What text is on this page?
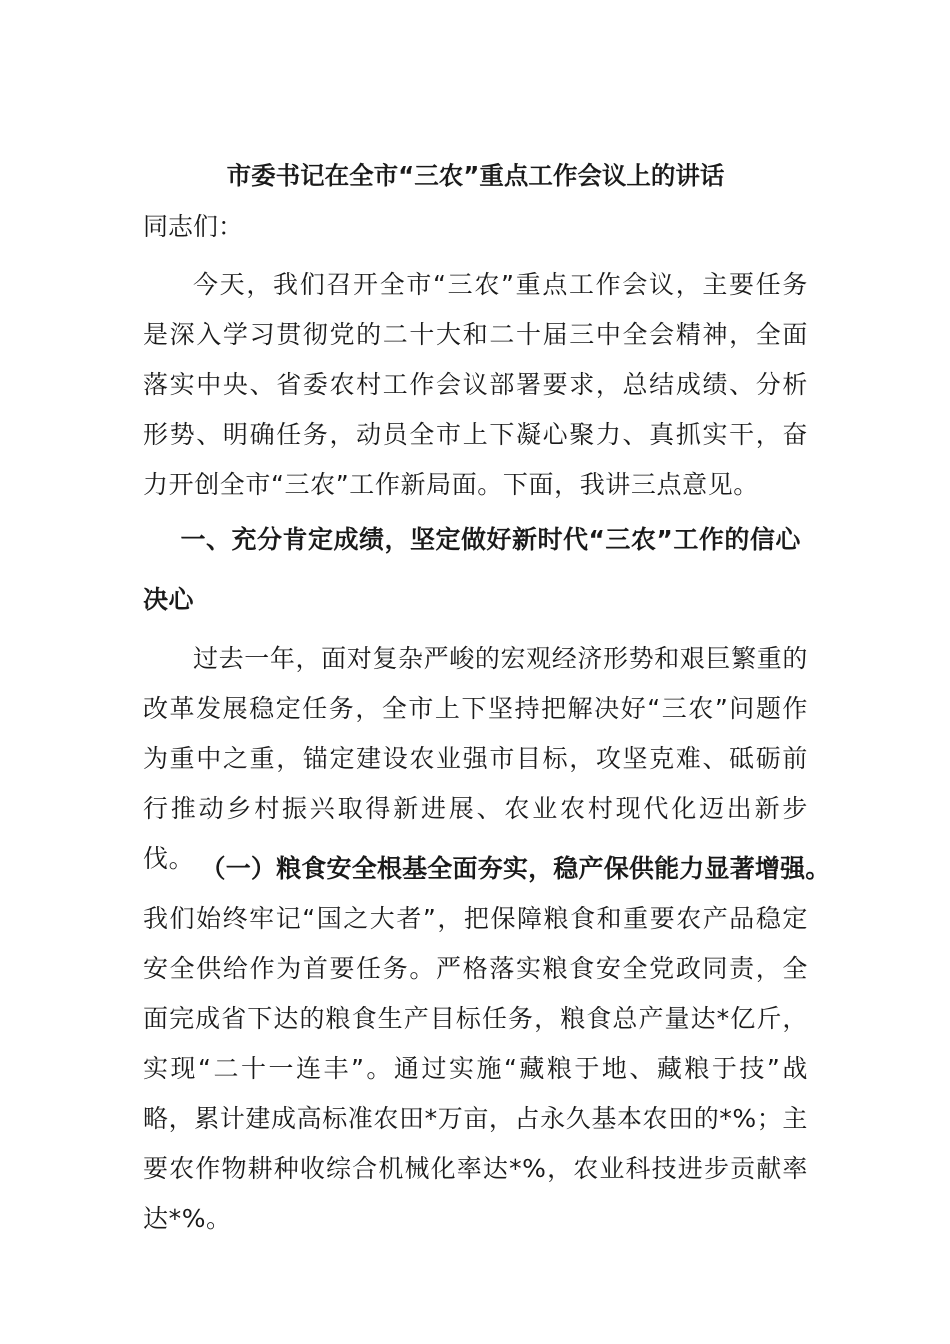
市委书记在全市“三农”重点工作会议上的讲话

同志们：

今天，我们召开全市“三农”重点工作会议，主要任务是深入学习贯彻党的二十大和二十届三中全会精神，全面落实中央、省委农村工作会议部署要求，总结成绩、分析形势、明确任务，动员全市上下凝心聚力、真抓实干，奋力开创全市“三农”工作新局面。下面，我讲三点意见。

一、充分肯定成绩，坚定做好新时代“三农”工作的信心决心

过去一年，面对复杂严峻的宏观经济形势和艰巨繁重的改革发展稳定任务，全市上下坚持把解决好“三农”问题作为重中之重，锚定建设农业强市目标，攻坚克难、砥砺前行推动乡村振兴取得新进展、农业农村现代化迈出新步伐。 （一）粮食安全根基全面夯实，稳产保供能力显著增强。我们始终牢记“国之大者”，把保障粮食和重要农产品稳定安全供给作为首要任务。严格落实粮食安全党政同责，全面完成省下达的粮食生产目标任务，粮食总产量达*亿斤，实现“二十一连丰”。通过实施“藏粮于地、藏粮于技”战略，累计建成高标准农田*万亩，占永久基本农田的*%；主要农作物耕种收综合机械化率达*%，农业科技进步贡献率达*%。
